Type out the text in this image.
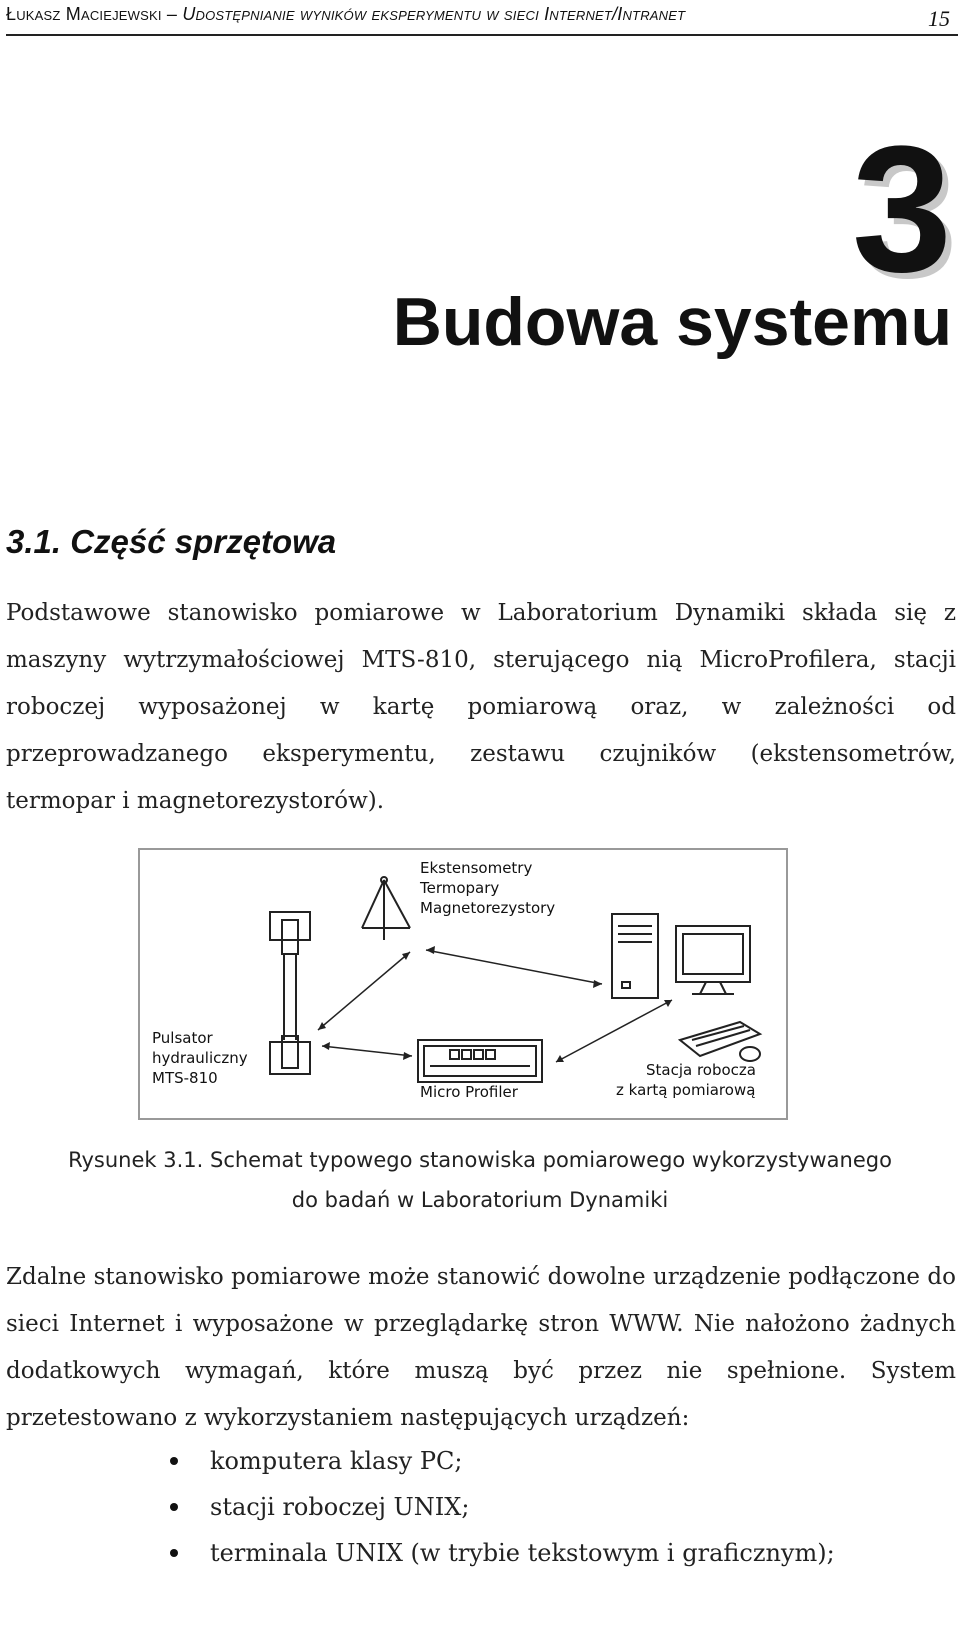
Łukasz Maciejewski – Udostępnianie wyników eksperymentu w sieci Internet/Intranet	15
3
Budowa systemu
3.1. Część sprzętowa
Podstawowe stanowisko pomiarowe w Laboratorium Dynamiki składa się z maszyny wytrzymałościowej MTS-810, sterującego nią MicroProfilera, stacji roboczej wyposażonej w kartę pomiarową oraz, w zależności od przeprowadzanego eksperymentu, zestawu czujników (ekstensometrów, termopar i magnetorezystorów).
Ekstensometry
Termopary
Magnetorezystory
Pulsator
hydrauliczny
MTS-810
Micro Profiler
Stacja robocza
z kartą pomiarową
Rysunek 3.1. Schemat typowego stanowiska pomiarowego wykorzystywanego
do badań w Laboratorium Dynamiki
Zdalne stanowisko pomiarowe może stanowić dowolne urządzenie podłączone do sieci Internet i wyposażone w przeglądarkę stron WWW. Nie nałożono żadnych dodatkowych wymagań, które muszą być przez nie spełnione. System przetestowano z wykorzystaniem następujących urządzeń:
komputera klasy PC;
stacji roboczej UNIX;
terminala UNIX (w trybie tekstowym i graficznym);
